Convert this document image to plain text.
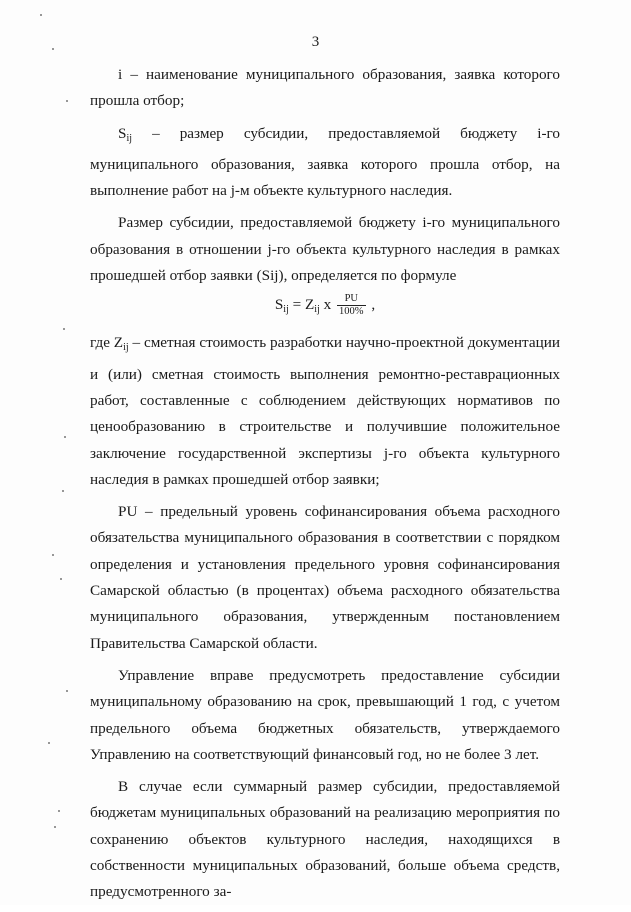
3

i – наименование муниципального образования, заявка которого прошла отбор;

$S_{ij}$ – размер субсидии, предоставляемой бюджету i-го муниципального образования, заявка которого прошла отбор, на выполнение работ на j-м объекте культурного наследия.

Размер субсидии, предоставляемой бюджету i-го муниципального образования в отношении j-го объекта культурного наследия в рамках прошедшей отбор заявки (Sij), определяется по формуле

$S_{ij} = Z_{ij}$ x $\frac{PU}{100\%}$ ,

где $Z_{ij}$ – сметная стоимость разработки научно-проектной документации и (или) сметная стоимость выполнения ремонтно-реставрационных работ, составленные с соблюдением действующих нормативов по ценообразованию в строительстве и получившие положительное заключение государственной экспертизы j-го объекта культурного наследия в рамках прошедшей отбор заявки;

PU – предельный уровень софинансирования объема расходного обязательства муниципального образования в соответствии с порядком определения и установления предельного уровня софинансирования Самарской областью (в процентах) объема расходного обязательства муниципального образования, утвержденным постановлением Правительства Самарской области.

Управление вправе предусмотреть предоставление субсидии муниципальному образованию на срок, превышающий 1 год, с учетом предельного объема бюджетных обязательств, утверждаемого Управлению на соответствующий финансовый год, но не более 3 лет.

В случае если суммарный размер субсидии, предоставляемой бюджетам муниципальных образований на реализацию мероприятия по сохранению объектов культурного наследия, находящихся в собственности муниципальных образований, больше объема средств, предусмотренного за-
